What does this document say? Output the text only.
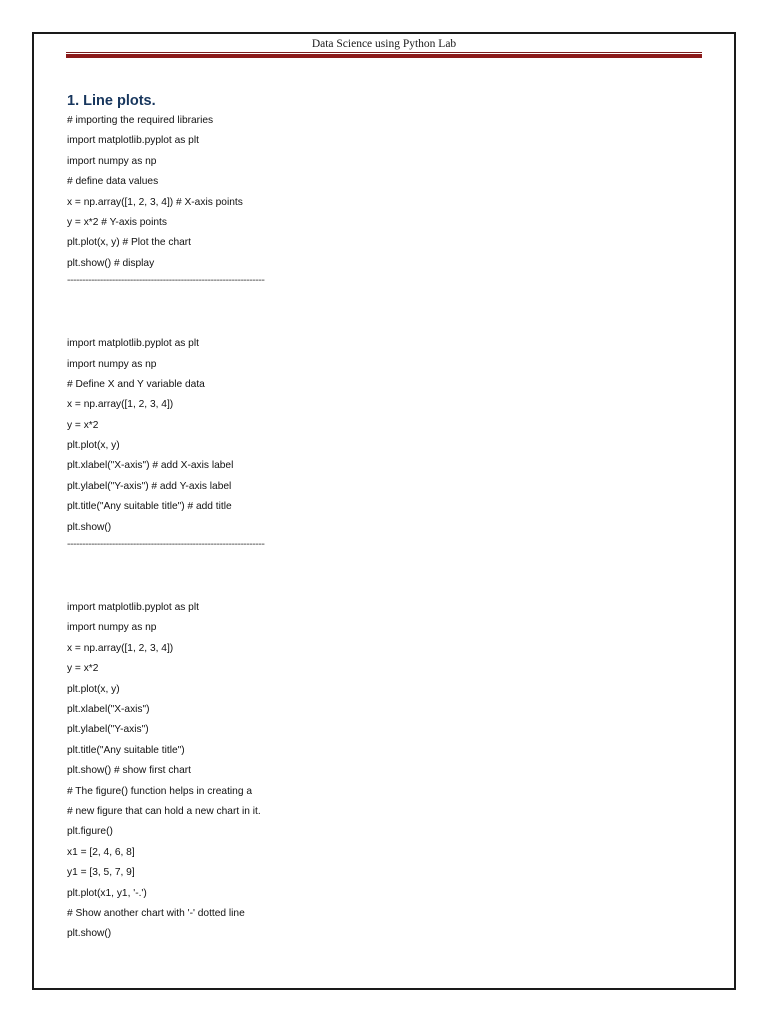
Data Science using Python Lab
1. Line plots.
# importing the required libraries
import matplotlib.pyplot as plt
import numpy as np
# define data values
x = np.array([1, 2, 3, 4]) # X-axis points
y = x*2 # Y-axis points
plt.plot(x, y) # Plot the chart
plt.show() # display
------------------------------------------------------------------
import matplotlib.pyplot as plt
import numpy as np
# Define X and Y variable data
x = np.array([1, 2, 3, 4])
y = x*2
plt.plot(x, y)
plt.xlabel("X-axis") # add X-axis label
plt.ylabel("Y-axis") # add Y-axis label
plt.title("Any suitable title") # add title
plt.show()
------------------------------------------------------------------
import matplotlib.pyplot as plt
import numpy as np
x = np.array([1, 2, 3, 4])
y = x*2
plt.plot(x, y)
plt.xlabel("X-axis")
plt.ylabel("Y-axis")
plt.title("Any suitable title")
plt.show() # show first chart
# The figure() function helps in creating a
# new figure that can hold a new chart in it.
plt.figure()
x1 = [2, 4, 6, 8]
y1 = [3, 5, 7, 9]
plt.plot(x1, y1, '-.')
# Show another chart with '-' dotted line
plt.show()
